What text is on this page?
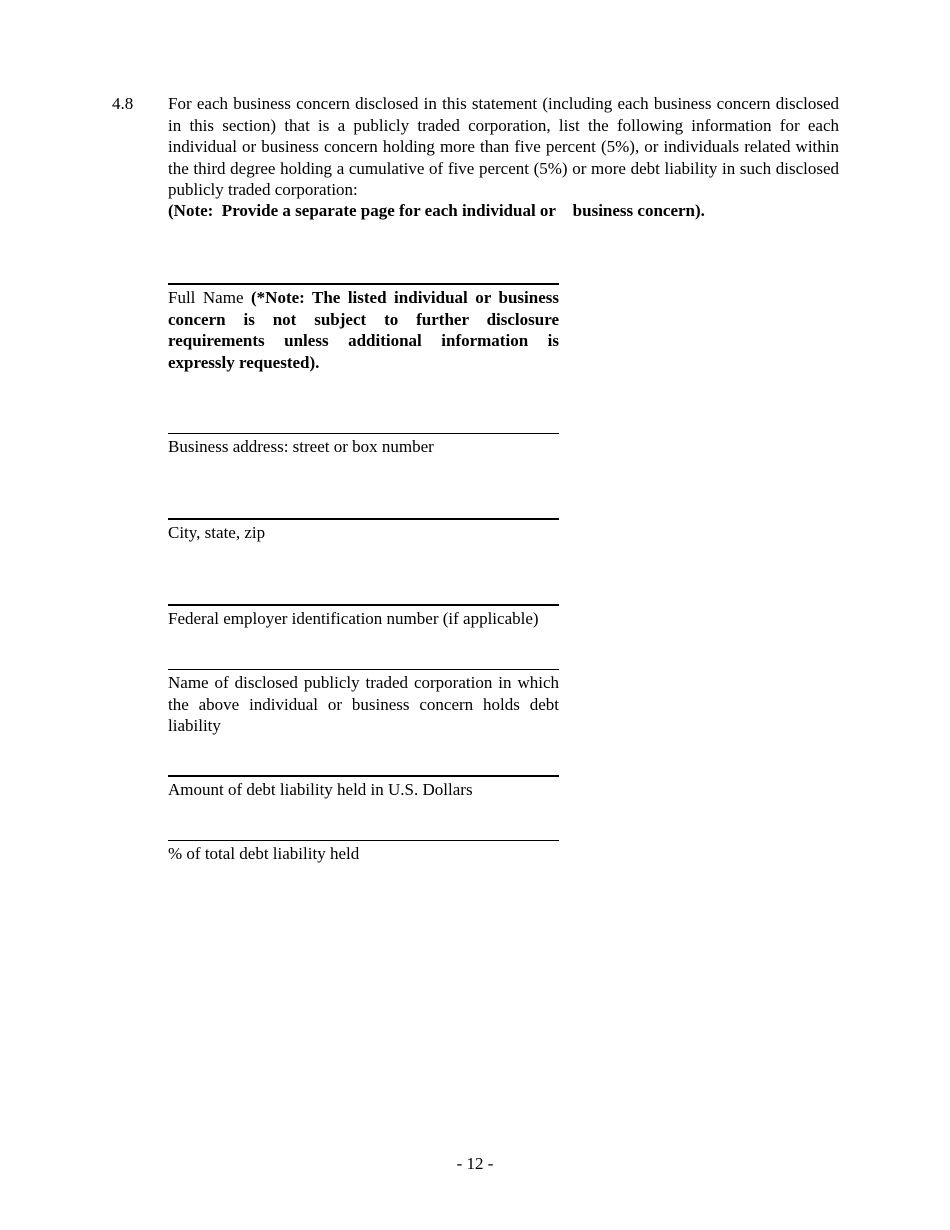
4.8 For each business concern disclosed in this statement (including each business concern disclosed in this section) that is a publicly traded corporation, list the following information for each individual or business concern holding more than five percent (5%), or individuals related within the third degree holding a cumulative of five percent (5%) or more debt liability in such disclosed publicly traded corporation:

(Note:  Provide a separate page for each individual or    business concern).
Full Name (*Note: The listed individual or business concern is not subject to further disclosure requirements unless additional information is expressly requested).
Business address: street or box number
City, state, zip
Federal employer identification number (if applicable)
Name of disclosed publicly traded corporation in which the above individual or business concern holds debt liability
Amount of debt liability held in U.S. Dollars
% of total debt liability held
- 12 -
